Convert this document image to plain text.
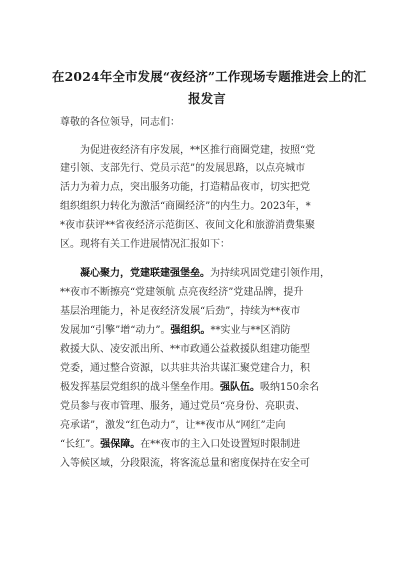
在2024年全市发展“夜经济”工作现场专题推进会上的汇
报发言
尊敬的各位领导，同志们：
为促进夜经济有序发展，**区推行商圈党建，按照“党
建引领、支部先行、党员示范”的发展思路，以点亮城市
活力为着力点，突出服务功能，打造精品夜市，切实把党
组织组织力转化为激活“商圈经济”的内生力。2023年，*
*夜市获评**省夜经济示范街区、夜间文化和旅游消费集聚
区。现将有关工作进展情况汇报如下：
凝心聚力，党建联建强堡垒。为持续巩固党建引领作用，
**夜市不断擦亮“党建领航 点亮夜经济”党建品牌，提升
基层治理能力，补足夜经济发展“后劲”，持续为**夜市
发展加“引擎”增“动力”。强组织。**实业与**区消防
救援大队、凌安派出所、**市政通公益救援队组建功能型
党委，通过整合资源，以共驻共治共谋汇聚党建合力，积
极发挥基层党组织的战斗堡垒作用。强队伍。吸纳150余名
党员参与夜市管理、服务，通过党员“亮身份、亮职责、
亮承诺”，激发“红色动力”，让**夜市从“网红”走向
“长红”。强保障。在**夜市的主入口处设置短时限制进
入等候区域，分段限流，将客流总量和密度保持在安全可
